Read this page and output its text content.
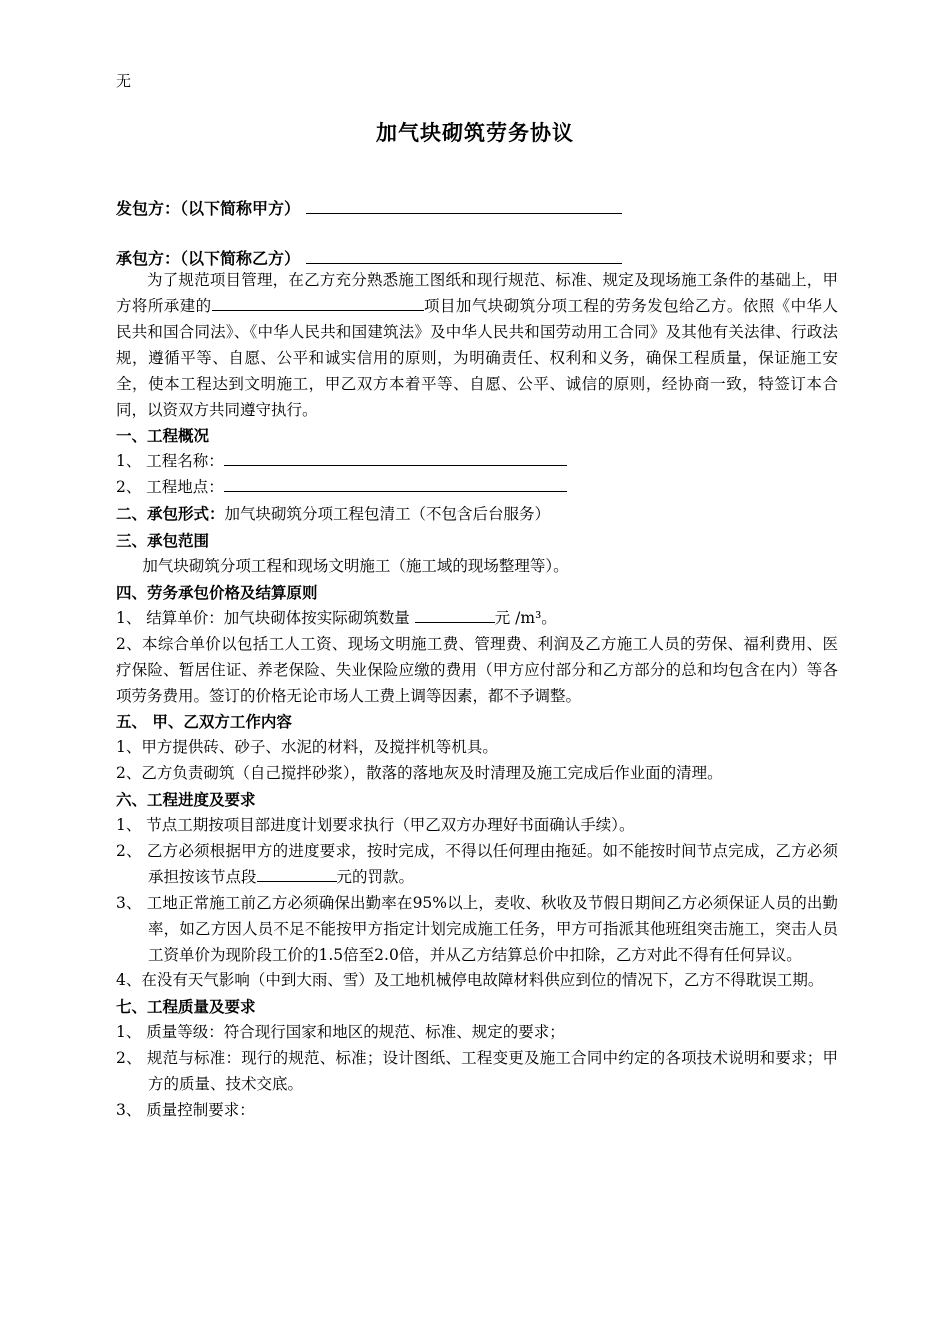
无
加气块砌筑劳务协议
发包方：（以下简称甲方）
承包方：（以下简称乙方）

为了规范项目管理，在乙方充分熟悉施工图纸和现行规范、标准、规定及现场施工条件的基础上，甲方将所承建的	项目加气块砌筑分项工程的劳务发包给乙方。依照《中华人民共和国合同法》、《中华人民共和国建筑法》及中华人民共和国劳动用工合同》及其他有关法律、行政法规，遵循平等、自愿、公平和诚实信用的原则，为明确责任、权利和义务，确保工程质量，保证施工安全，使本工程达到文明施工，甲乙双方本着平等、自愿、公平、诚信的原则，经协商一致，特签订本合同，以资双方共同遵守执行。

一、工程概况

1、 工程名称：

2、 工程地点：

二、承包形式：加气块砌筑分项工程包清工（不包含后台服务）

三、承包范围

加气块砌筑分项工程和现场文明施工（施工域的现场整理等）。

四、劳务承包价格及结算原则

1、 结算单价：加气块砌体按实际砌筑数量	元 /m³。

2、本综合单价以包括工人工资、现场文明施工费、管理费、利润及乙方施工人员的劳保、福利费用、医疗保险、暂居住证、养老保险、失业保险应缴的费用（甲方应付部分和乙方部分的总和均包含在内）等各项劳务费用。签订的价格无论市场人工费上调等因素，都不予调整。

五、 甲、乙双方工作内容

1、甲方提供砖、砂子、水泥的材料，及搅拌机等机具。

2、乙方负责砌筑（自己搅拌砂浆），散落的落地灰及时清理及施工完成后作业面的清理。

六、工程进度及要求

1、 节点工期按项目部进度计划要求执行（甲乙双方办理好书面确认手续）。

2、 乙方必须根据甲方的进度要求，按时完成，不得以任何理由拖延。如不能按时间节点完成，乙方必须承担按该节点段	元的罚款。

3、 工地正常施工前乙方必须确保出勤率在95%以上，麦收、秋收及节假日期间乙方必须保证人员的出勤率，如乙方因人员不足不能按甲方指定计划完成施工任务，甲方可指派其他班组突击施工，突击人员工资单价为现阶段工价的1.5倍至2.0倍，并从乙方结算总价中扣除，乙方对此不得有任何异议。

4、在没有天气影响（中到大雨、雪）及工地机械停电故障材料供应到位的情况下，乙方不得耽误工期。

七、工程质量及要求

1、 质量等级：符合现行国家和地区的规范、标准、规定的要求；

2、 规范与标准：现行的规范、标准；设计图纸、工程变更及施工合同中约定的各项技术说明和要求；甲方的质量、技术交底。

3、 质量控制要求：
